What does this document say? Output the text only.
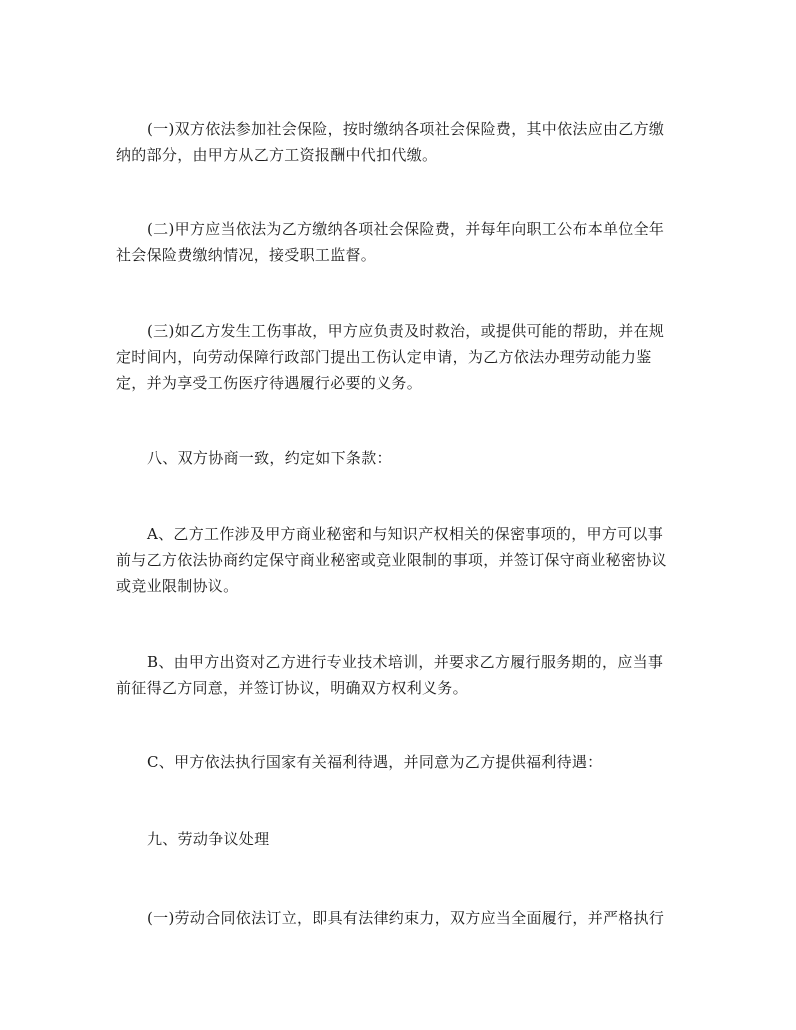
(一)双方依法参加社会保险，按时缴纳各项社会保险费，其中依法应由乙方缴
纳的部分，由甲方从乙方工资报酬中代扣代缴。

(二)甲方应当依法为乙方缴纳各项社会保险费，并每年向职工公布本单位全年
社会保险费缴纳情况，接受职工监督。

(三)如乙方发生工伤事故，甲方应负责及时救治，或提供可能的帮助，并在规
定时间内，向劳动保障行政部门提出工伤认定申请，为乙方依法办理劳动能力鉴
定，并为享受工伤医疗待遇履行必要的义务。

八、双方协商一致，约定如下条款：

A、乙方工作涉及甲方商业秘密和与知识产权相关的保密事项的，甲方可以事
前与乙方依法协商约定保守商业秘密或竞业限制的事项，并签订保守商业秘密协议
或竞业限制协议。

B、由甲方出资对乙方进行专业技术培训，并要求乙方履行服务期的，应当事
前征得乙方同意，并签订协议，明确双方权利义务。

C、甲方依法执行国家有关福利待遇，并同意为乙方提供福利待遇：

九、劳动争议处理

(一)劳动合同依法订立，即具有法律约束力，双方应当全面履行，并严格执行
